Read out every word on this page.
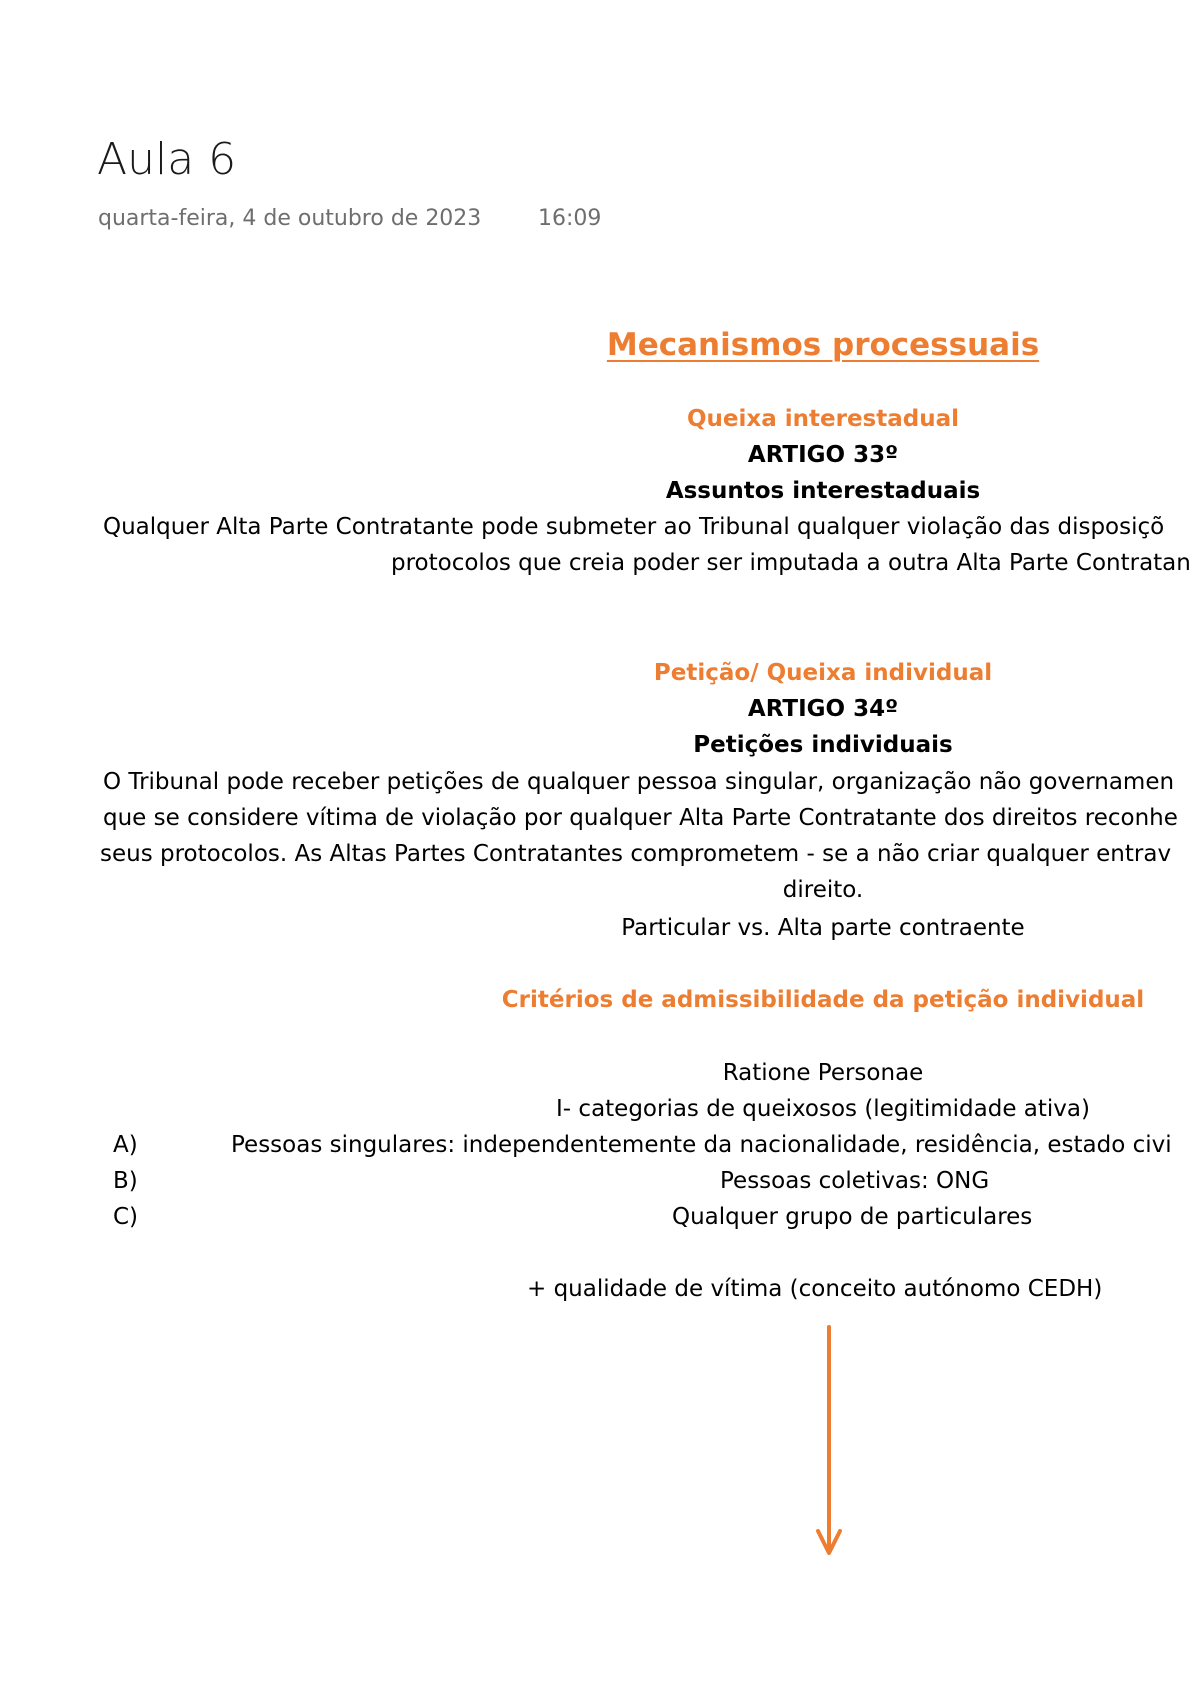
Aula 6
quarta-feira, 4 de outubro de 2023	16:09
Mecanismos processuais
Queixa interestadual
ARTIGO 33º
Assuntos interestaduais
Qualquer Alta Parte Contratante pode submeter ao Tribunal qualquer violação das disposiçõ
protocolos que creia poder ser imputada a outra Alta Parte Contratan
Petição/ Queixa individual
ARTIGO 34º
Petições individuais
O Tribunal pode receber petições de qualquer pessoa singular, organização não governamen
que se considere vítima de violação por qualquer Alta Parte Contratante dos direitos reconhe
seus protocolos. As Altas Partes Contratantes comprometem - se a não criar qualquer entrav
direito.
Particular vs. Alta parte contraente
Critérios de admissibilidade da petição individual
Ratione Personae
I- categorias de queixosos (legitimidade ativa)
A)	Pessoas singulares: independentemente da nacionalidade, residência, estado civi
B)	Pessoas coletivas: ONG
C)	Qualquer grupo de particulares
+ qualidade de vítima (conceito autónomo CEDH)
